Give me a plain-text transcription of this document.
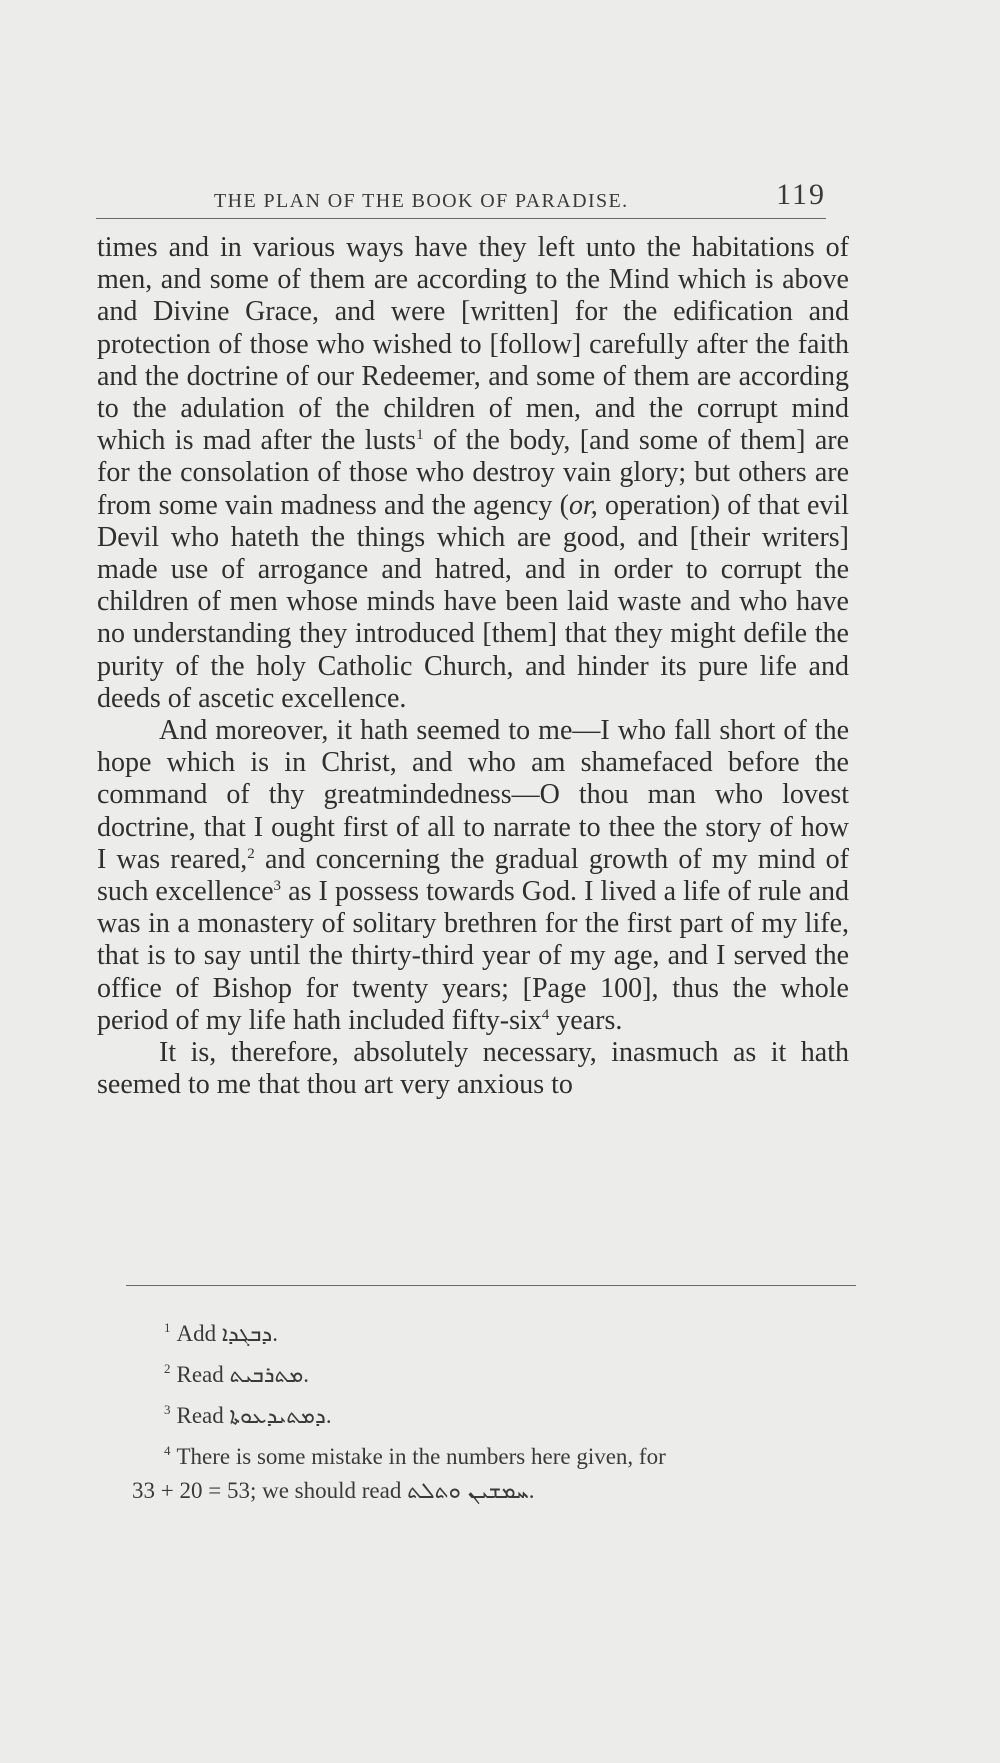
THE PLAN OF THE BOOK OF PARADISE.	119

times and in various ways have they left unto the habitations of men, and some of them are according to the Mind which is above and Divine Grace, and were [written] for the edification and protection of those who wished to [follow] carefully after the faith and the doctrine of our Redeemer, and some of them are according to the adulation of the children of men, and the corrupt mind which is mad after the lusts$^1$ of the body, [and some of them] are for the consolation of those who destroy vain glory; but others are from some vain madness and the agency (or, operation) of that evil Devil who hateth the things which are good, and [their writers] made use of arrogance and hatred, and in order to corrupt the children of men whose minds have been laid waste and who have no understanding they introduced [them] that they might defile the purity of the holy Catholic Church, and hinder its pure life and deeds of ascetic excellence.

And moreover, it hath seemed to me—I who fall short of the hope which is in Christ, and who am shamefaced before the command of thy greatmindedness—O thou man who lovest doctrine, that I ought first of all to narrate to thee the story of how I was reared,$^2$ and concerning the gradual growth of my mind of such excellence$^3$ as I possess towards God. I lived a life of rule and was in a monastery of solitary brethren for the first part of my life, that is to say until the thirty-third year of my age, and I served the office of Bishop for twenty years; [Page 100], thus the whole period of my life hath included fifty-six$^4$ years.

It is, therefore, absolutely necessary, inasmuch as it hath seemed to me that thou art very anxious to

$^1$ Add ܕܒܓܕܐ.
$^2$ Read ܡܬܪܒܝܬ.
$^3$ Read ܕܡܬܝܕܥܘܬܐ.
$^4$ There is some mistake in the numbers here given, for
33 + 20 = 53; we should read ܚܡܫܝܢ ܘܬܠܬ.
